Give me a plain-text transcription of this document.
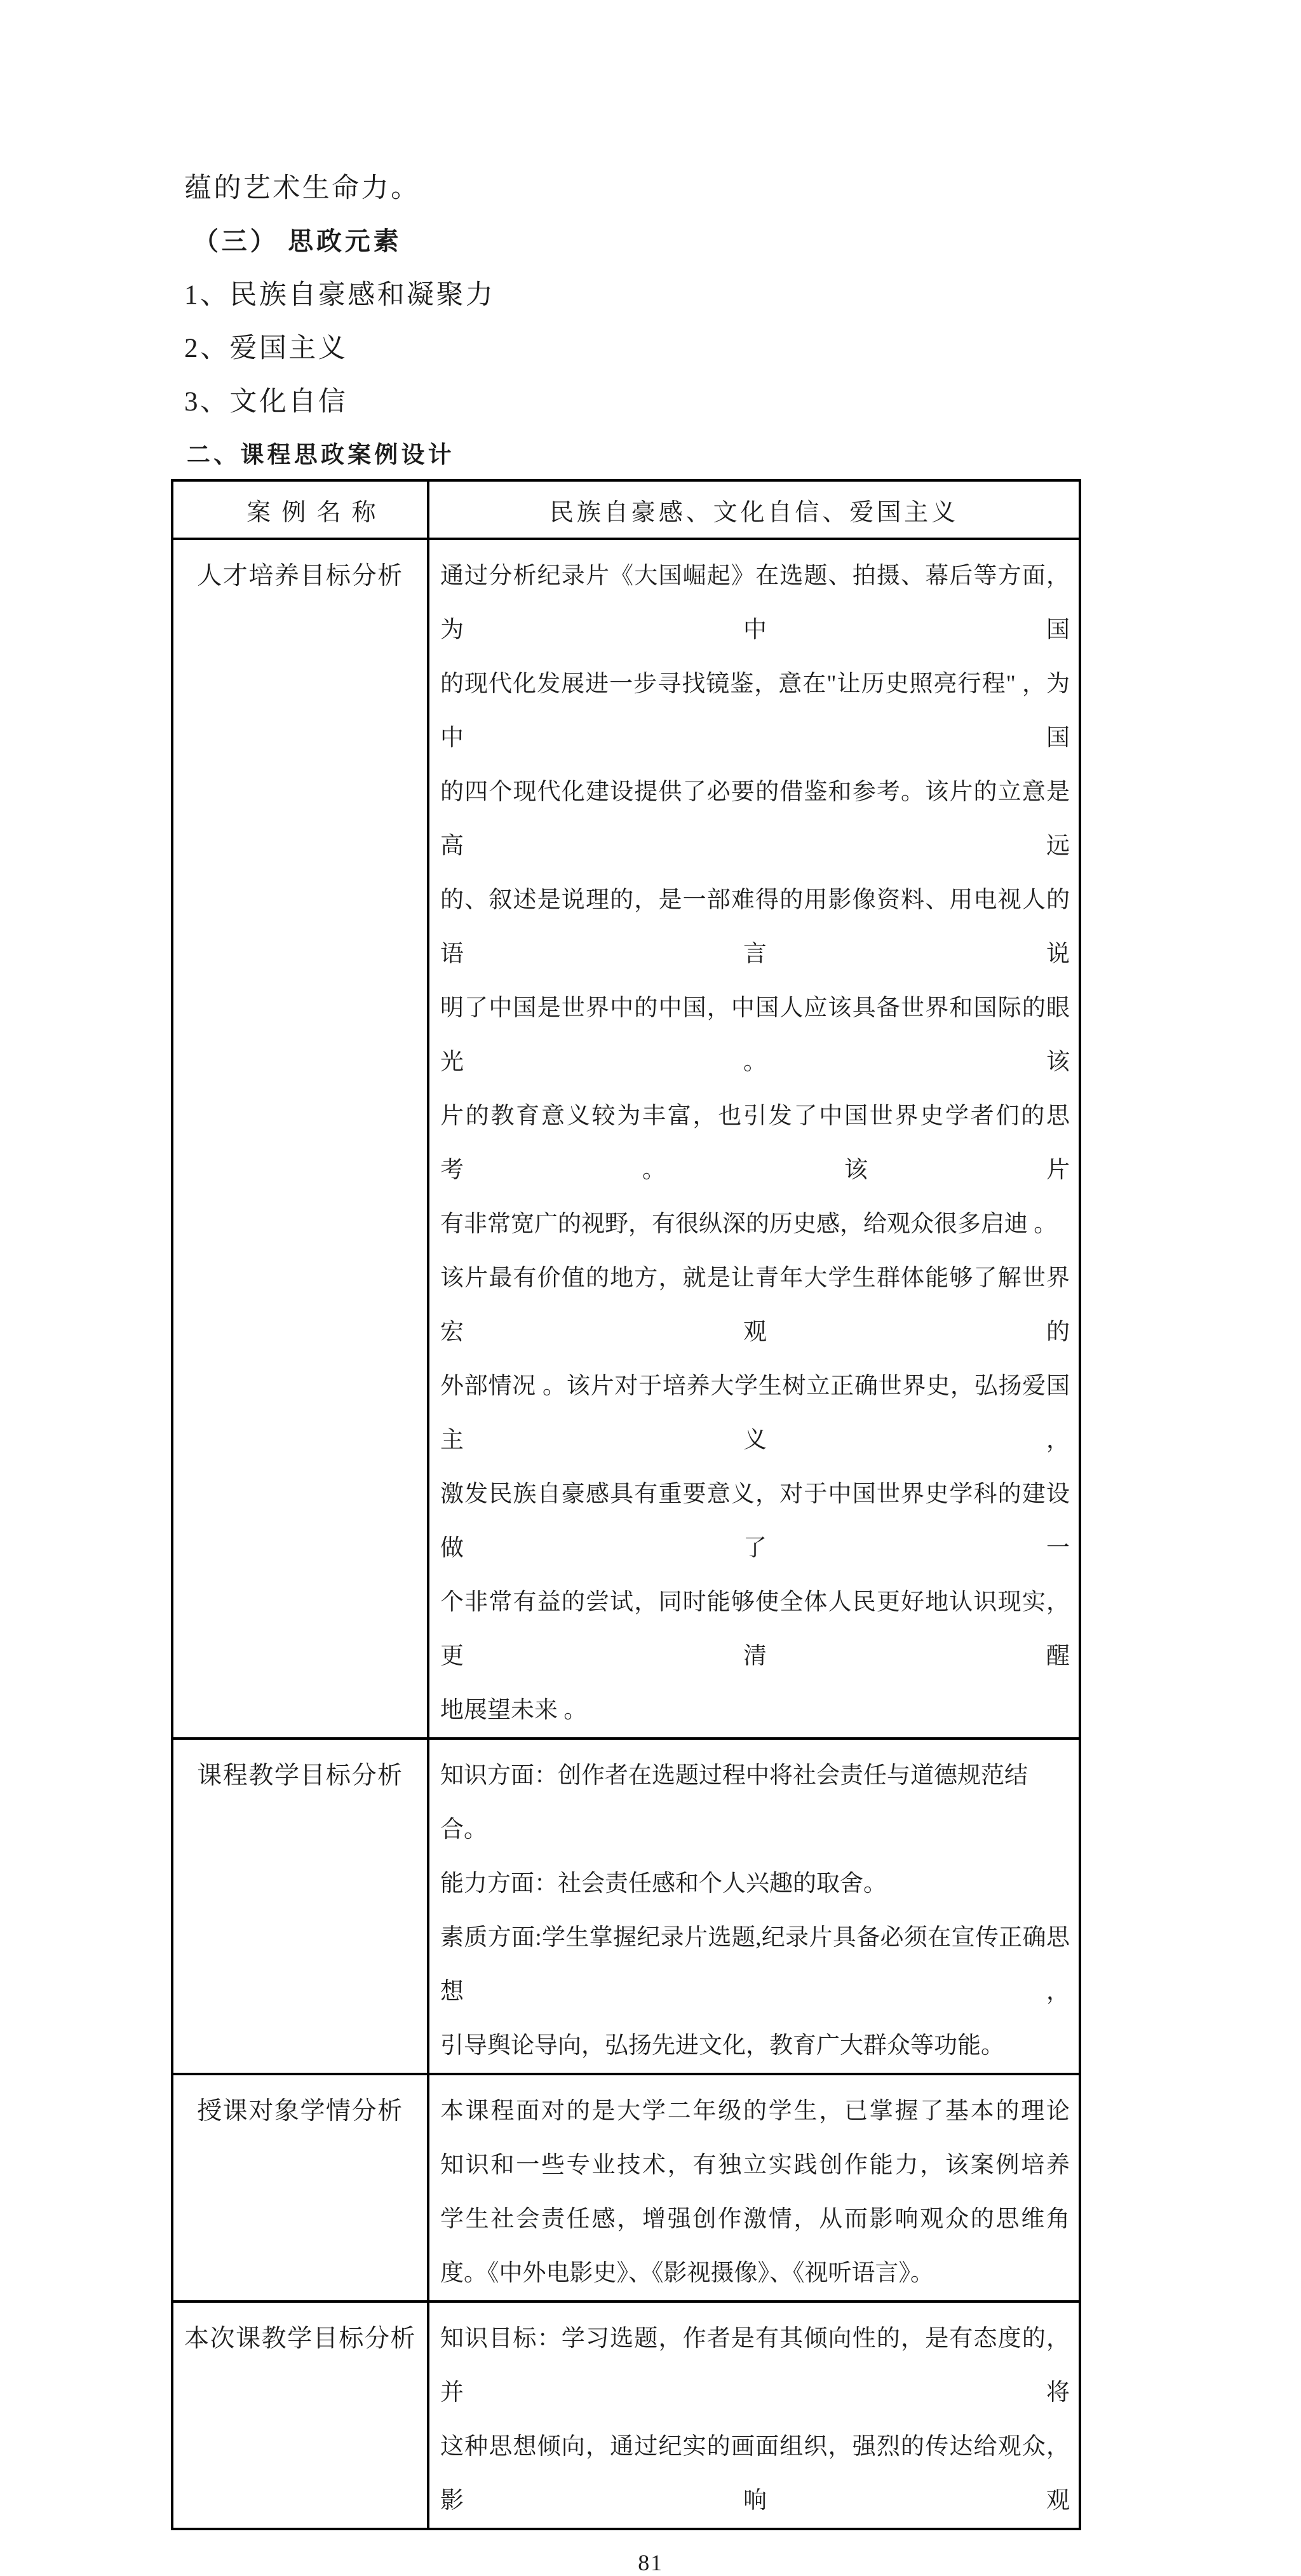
蕴的艺术生命力。
（三） 思政元素
1、民族自豪感和凝聚力
2、爱国主义
3、文化自信
二、课程思政案例设计
案例名称	民族自豪感、文化自信、爱国主义

人才培养目标分析	通过分析纪录片《大国崛起》在选题、拍摄、幕后等方面，为中国
的现代化发展进一步寻找镜鉴，意在"让历史照亮行程" ，为中国
的四个现代化建设提供了必要的借鉴和参考。该片的立意是高远
的、叙述是说理的，是一部难得的用影像资料、用电视人的语言说
明了中国是世界中的中国，中国人应该具备世界和国际的眼光。该
片的教育意义较为丰富，也引发了中国世界史学者们的思考。该片
有非常宽广的视野，有很纵深的历史感，给观众很多启迪 。
该片最有价值的地方，就是让青年大学生群体能够了解世界宏观的
外部情况 。该片对于培养大学生树立正确世界史，弘扬爱国主义，
激发民族自豪感具有重要意义，对于中国世界史学科的建设做了一
个非常有益的尝试，同时能够使全体人民更好地认识现实，更清醒
地展望未来 。

课程教学目标分析	知识方面：创作者在选题过程中将社会责任与道德规范结合。
能力方面：社会责任感和个人兴趣的取舍。
素质方面:学生掌握纪录片选题,纪录片具备必须在宣传正确思想，
引导舆论导向，弘扬先进文化，教育广大群众等功能。

授课对象学情分析	本课程面对的是大学二年级的学生，已掌握了基本的理论
知识和一些专业技术，有独立实践创作能力，该案例培养
学生社会责任感，增强创作激情，从而影响观众的思维角
度。《中外电影史》、《影视摄像》、《视听语言》。

本次课教学目标分析	知识目标：学习选题，作者是有其倾向性的，是有态度的，并将
这种思想倾向，通过纪实的画面组织，强烈的传达给观众，影响观
81
